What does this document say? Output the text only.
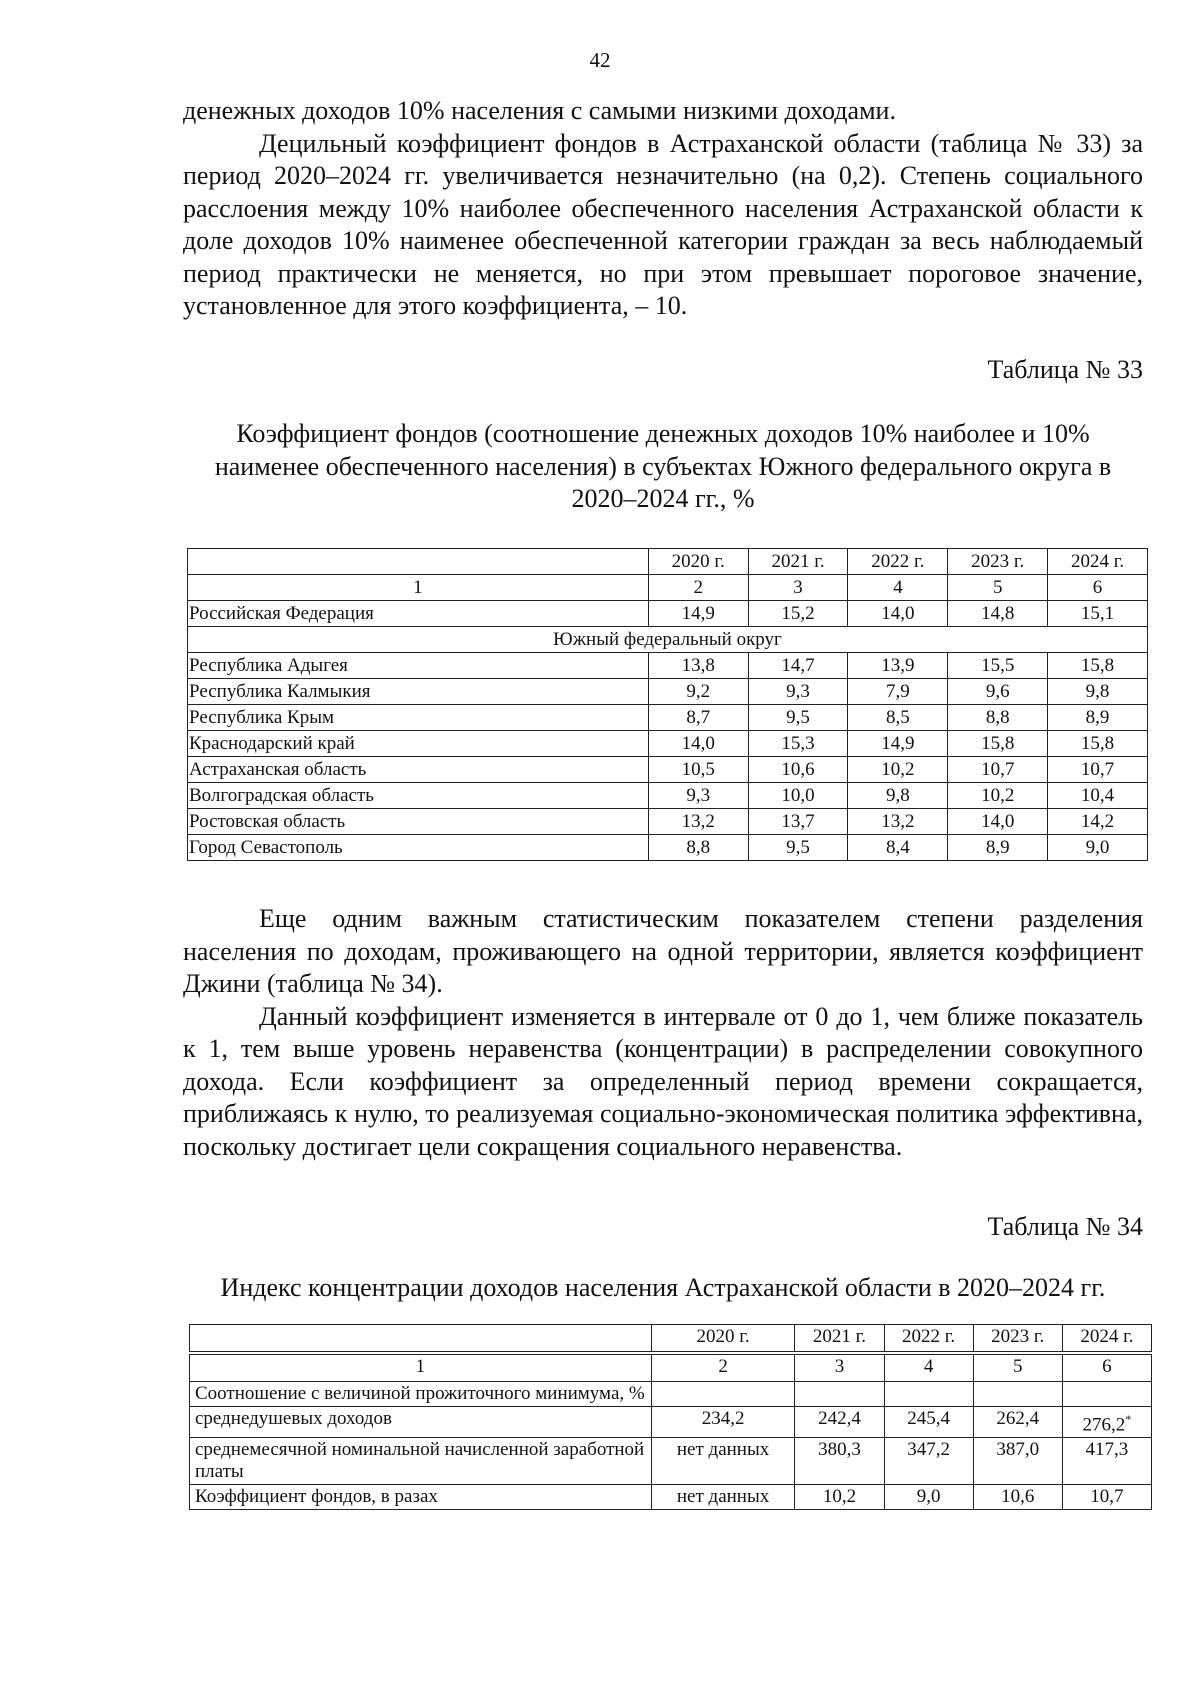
42

денежных доходов 10% населения с самыми низкими доходами.

Децильный коэффициент фондов в Астраханской области (таблица № 33) за период 2020–2024 гг. увеличивается незначительно (на 0,2). Степень социального расслоения между 10% наиболее обеспеченного населения Астраханской области к доле доходов 10% наименее обеспеченной категории граждан за весь наблюдаемый период практически не меняется, но при этом превышает пороговое значение, установленное для этого коэффициента, – 10.

Таблица № 33
Коэффициент фондов (соотношение денежных доходов 10% наиболее и 10% наименее обеспеченного населения) в субъектах Южного федерального округа в 2020–2024 гг., %
	2020 г.	2021 г.	2022 г.	2023 г.	2024 г.
1	2	3	4	5	6
Российская Федерация	14,9	15,2	14,0	14,8	15,1
Южный федеральный округ					
Республика Адыгея	13,8	14,7	13,9	15,5	15,8
Республика Калмыкия	9,2	9,3	7,9	9,6	9,8
Республика Крым	8,7	9,5	8,5	8,8	8,9
Краснодарский край	14,0	15,3	14,9	15,8	15,8
Астраханская область	10,5	10,6	10,2	10,7	10,7
Волгоградская область	9,3	10,0	9,8	10,2	10,4
Ростовская область	13,2	13,7	13,2	14,0	14,2
Город Севастополь	8,8	9,5	8,4	8,9	9,0

Еще одним важным статистическим показателем степени разделения населения по доходам, проживающего на одной территории, является коэффициент Джини (таблица № 34).

Данный коэффициент изменяется в интервале от 0 до 1, чем ближе показатель к 1, тем выше уровень неравенства (концентрации) в распределении совокупного дохода. Если коэффициент за определенный период времени сокращается, приближаясь к нулю, то реализуемая социально-экономическая политика эффективна, поскольку достигает цели сокращения социального неравенства.

Таблица № 34
Индекс концентрации доходов населения Астраханской области в 2020–2024 гг.
	2020 г.	2021 г.	2022 г.	2023 г.	2024 г.

1	2	3	4	5	6
Соотношение с величиной прожиточного минимума, %					
среднедушевых доходов	234,2	242,4	245,4	262,4	276,2*
среднемесячной номинальной начисленной заработной платы	нет данных	380,3	347,2	387,0	417,3
Коэффициент фондов, в разах	нет данных	10,2	9,0	10,6	10,7
